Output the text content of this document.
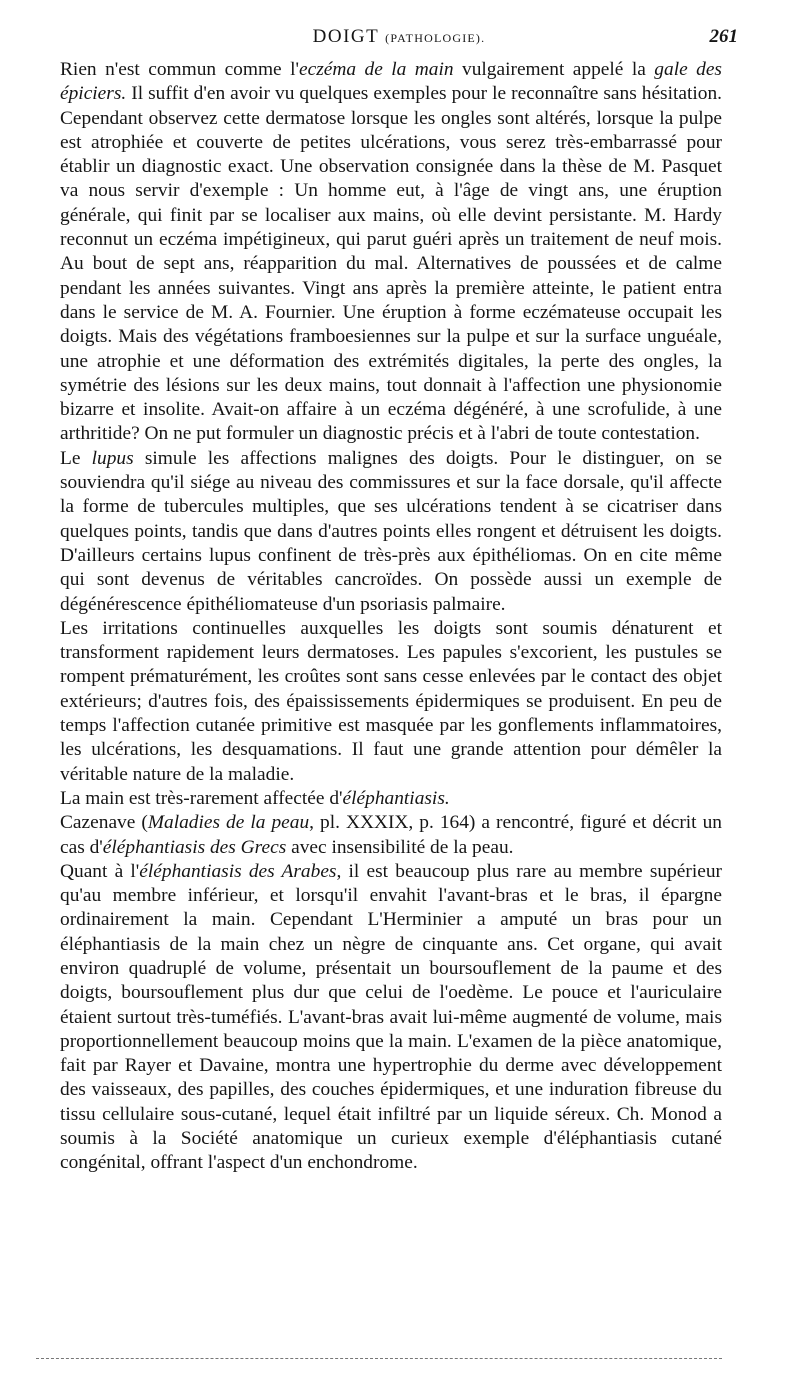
DOIGT (PATHOLOGIE).	261

Rien n'est commun comme l'eczéma de la main vulgairement appelé la gale des épiciers. Il suffit d'en avoir vu quelques exemples pour le reconnaître sans hésitation. Cependant observez cette dermatose lorsque les ongles sont altérés, lorsque la pulpe est atrophiée et couverte de petites ulcérations, vous serez très-embarrassé pour établir un diagnostic exact. Une observation consignée dans la thèse de M. Pasquet va nous servir d'exemple : Un homme eut, à l'âge de vingt ans, une éruption générale, qui finit par se localiser aux mains, où elle devint persistante. M. Hardy reconnut un eczéma impétigineux, qui parut guéri après un traitement de neuf mois. Au bout de sept ans, réapparition du mal. Alternatives de poussées et de calme pendant les années suivantes. Vingt ans après la première atteinte, le patient entra dans le service de M. A. Fournier. Une éruption à forme eczémateuse occupait les doigts. Mais des végétations framboesiennes sur la pulpe et sur la surface unguéale, une atrophie et une déformation des extrémités digitales, la perte des ongles, la symétrie des lésions sur les deux mains, tout donnait à l'affection une physionomie bizarre et insolite. Avait-on affaire à un eczéma dégénéré, à une scrofulide, à une arthritide? On ne put formuler un diagnostic précis et à l'abri de toute contestation.

Le lupus simule les affections malignes des doigts. Pour le distinguer, on se souviendra qu'il siége au niveau des commissures et sur la face dorsale, qu'il affecte la forme de tubercules multiples, que ses ulcérations tendent à se cicatriser dans quelques points, tandis que dans d'autres points elles rongent et détruisent les doigts. D'ailleurs certains lupus confinent de très-près aux épithéliomas. On en cite même qui sont devenus de véritables cancroïdes. On possède aussi un exemple de dégénérescence épithéliomateuse d'un psoriasis palmaire.

Les irritations continuelles auxquelles les doigts sont soumis dénaturent et transforment rapidement leurs dermatoses. Les papules s'excorient, les pustules se rompent prématurément, les croûtes sont sans cesse enlevées par le contact des objet extérieurs; d'autres fois, des épaississements épidermiques se produisent. En peu de temps l'affection cutanée primitive est masquée par les gonflements inflammatoires, les ulcérations, les desquamations. Il faut une grande attention pour démêler la véritable nature de la maladie.

La main est très-rarement affectée d'éléphantiasis.

Cazenave (Maladies de la peau, pl. XXXIX, p. 164) a rencontré, figuré et décrit un cas d'éléphantiasis des Grecs avec insensibilité de la peau.

Quant à l'éléphantiasis des Arabes, il est beaucoup plus rare au membre supérieur qu'au membre inférieur, et lorsqu'il envahit l'avant-bras et le bras, il épargne ordinairement la main. Cependant L'Herminier a amputé un bras pour un éléphantiasis de la main chez un nègre de cinquante ans. Cet organe, qui avait environ quadruplé de volume, présentait un boursouflement de la paume et des doigts, boursouflement plus dur que celui de l'oedème. Le pouce et l'auriculaire étaient surtout très-tuméfiés. L'avant-bras avait lui-même augmenté de volume, mais proportionnellement beaucoup moins que la main. L'examen de la pièce anatomique, fait par Rayer et Davaine, montra une hypertrophie du derme avec développement des vaisseaux, des papilles, des couches épidermiques, et une induration fibreuse du tissu cellulaire sous-cutané, lequel était infiltré par un liquide séreux. Ch. Monod a soumis à la Société anatomique un curieux exemple d'éléphantiasis cutané congénital, offrant l'aspect d'un enchondrome.
